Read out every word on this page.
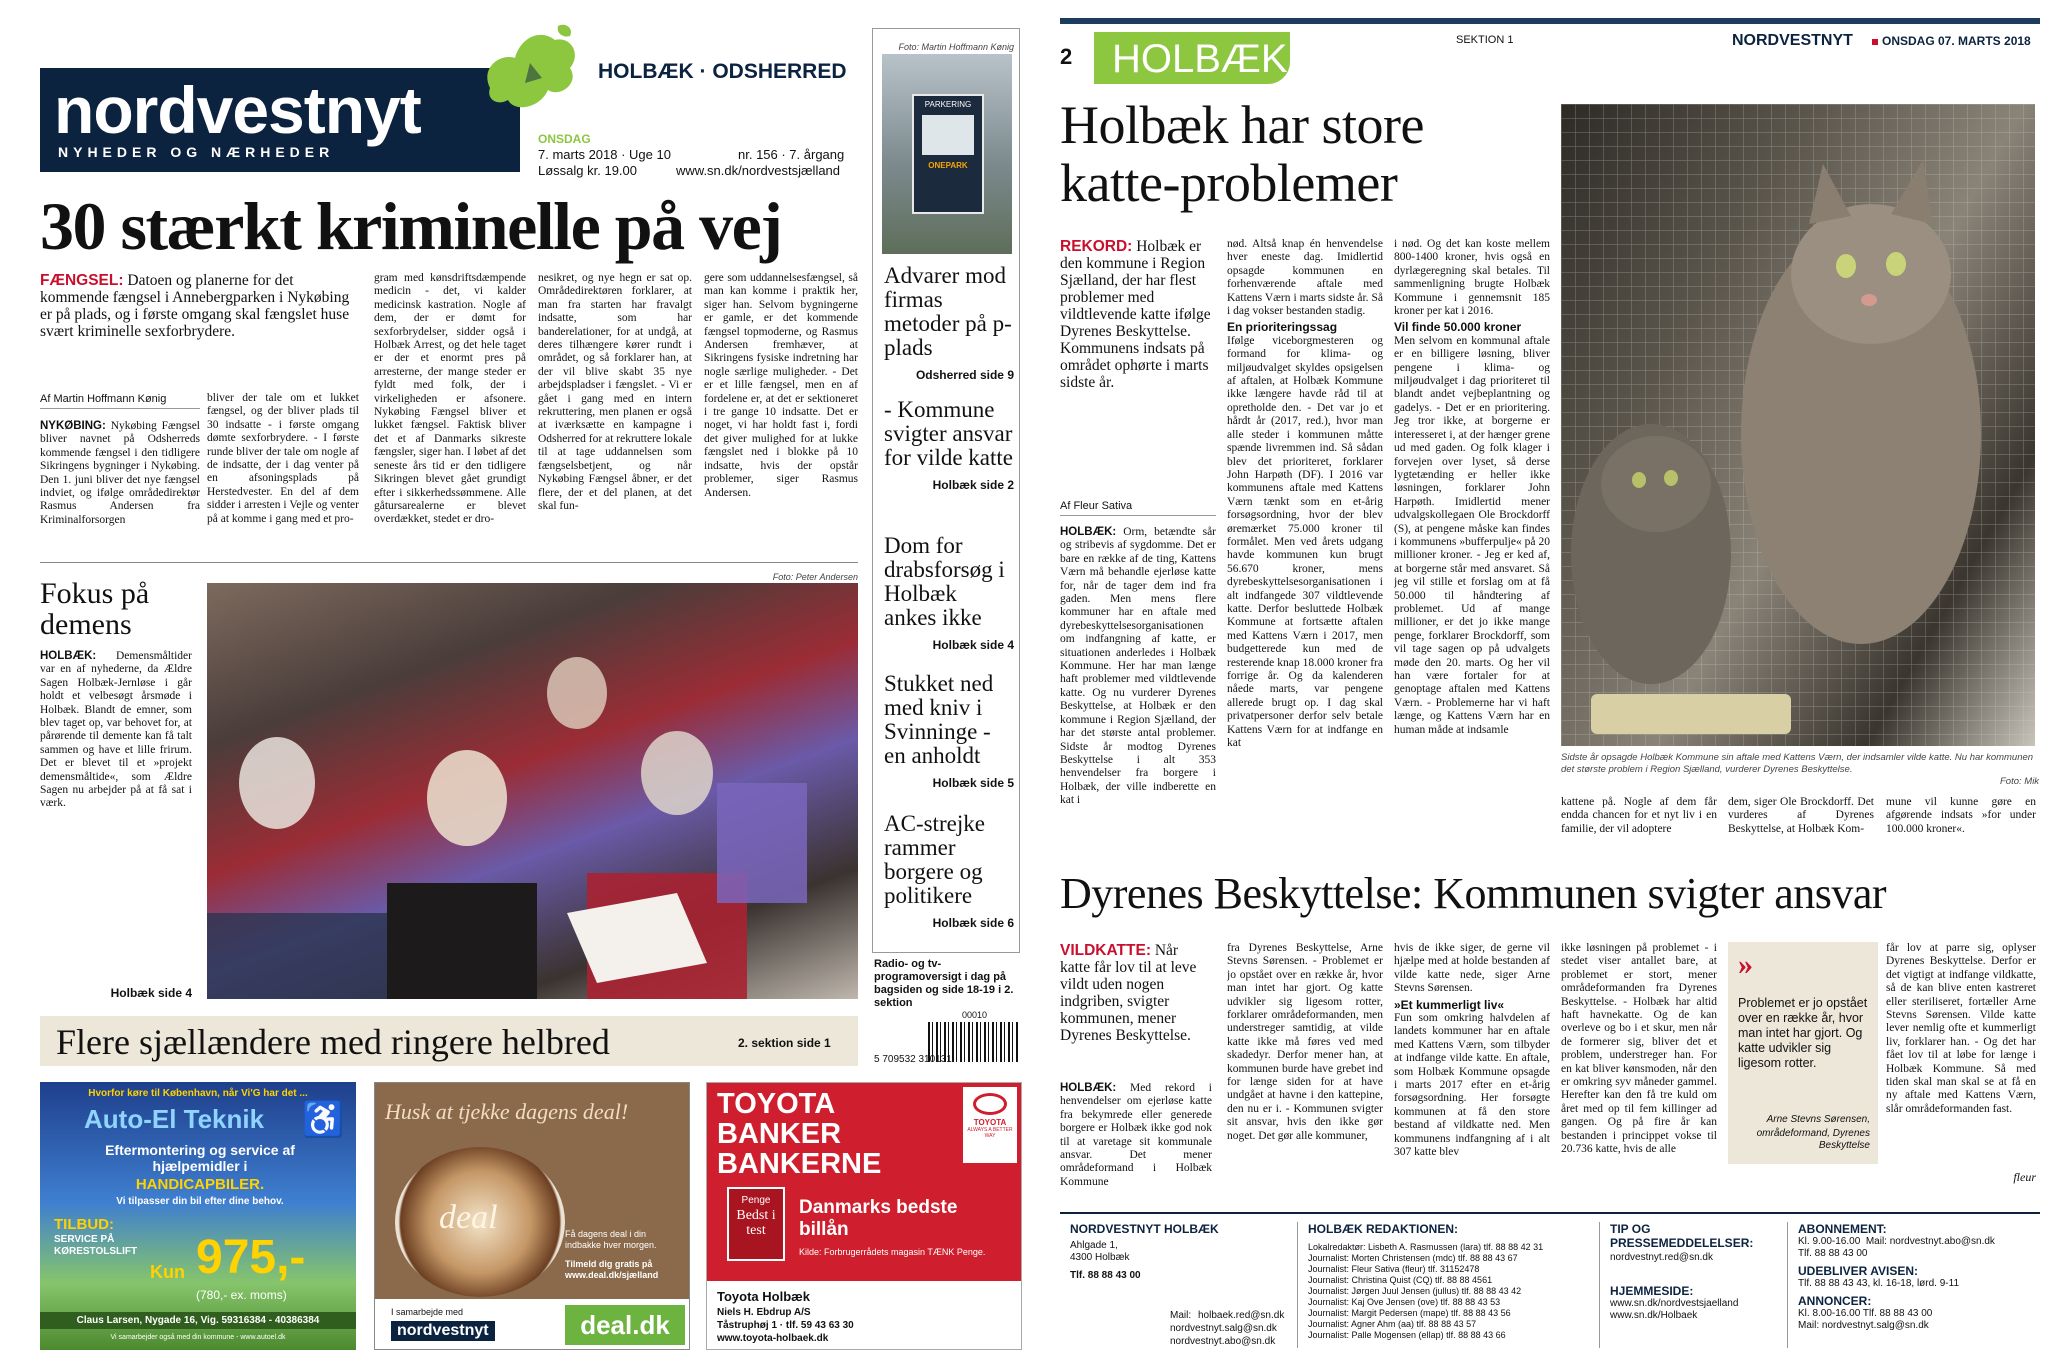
nordvestnyt
NYHEDER OG NÆRHEDER
HOLBÆK · ODSHERRED
ONSDAG
7. marts 2018 · Uge 10	nr. 156 · 7. årgang
Løssalg kr. 19.00	www.sn.dk/nordvestsjælland
30 stærkt kriminelle på vej
FÆNGSEL: Datoen og planerne for det kommende fængsel i Annebergparken i Nykøbing er på plads, og i første omgang skal fængslet huse svært kriminelle sexforbrydere.
Af Martin Hoffmann Kønig
NYKØBING: Nykøbing Fængsel bliver navnet på Odsherreds kommende fængsel i den tidligere Sikringens bygninger i Nykøbing. Den 1. juni bliver det nye fængsel indviet, og ifølge områdedirektør Rasmus Andersen fra Kriminalforsorgen
bliver der tale om et lukket fængsel, og der bliver plads til 30 indsatte - i første omgang dømte sexforbrydere. - I første runde bliver der tale om nogle af de indsatte, der i dag venter på en afsoningsplads på Herstedvester. En del af dem sidder i arresten i Vejle og venter på at komme i gang med et pro-
gram med kønsdriftsdæmpende medicin - det, vi kalder medicinsk kastration. Nogle af dem, der er dømt for sexforbrydelser, sidder også i Holbæk Arrest, og det hele taget er der et enormt pres på arresterne, der mange steder er fyldt med folk, der i virkeligheden er afsonere. Nykøbing Fængsel bliver et lukket fængsel. Faktisk bliver det et af Danmarks sikreste fængsler, siger han. I løbet af det seneste års tid er den tidligere Sikringen blevet gået grundigt efter i sikkerhedssømmene. Alle gåtursarealerne er blevet overdækket, stedet er dro-
nesikret, og nye hegn er sat op. Områdedirektøren forklarer, at man fra starten har fravalgt indsatte, som har banderelationer, for at undgå, at deres tilhængere kører rundt i området, og så forklarer han, at der vil blive skabt 35 nye arbejdspladser i fængslet. - Vi er gået i gang med en intern rekruttering, men planen er også at iværksætte en kampagne i Odsherred for at rekruttere lokale til at tage uddannelsen som fængselsbetjent, og når Nykøbing Fængsel åbner, er det flere, der et del planen, at det skal fun-
gere som uddannelsesfængsel, så man kan komme i praktik her, siger han. Selvom bygningerne er gamle, er det kommende fængsel topmoderne, og Rasmus Andersen fremhæver, at Sikringens fysiske indretning har nogle særlige muligheder. - Det er et lille fængsel, men en af fordelene er, at det er sektioneret i tre gange 10 indsatte. Det er noget, vi har holdt fast i, fordi det giver mulighed for at lukke fængslet ned i blokke på 10 indsatte, hvis der opstår problemer, siger Rasmus Andersen.
Fokus på demens
HOLBÆK: Demensmåltider var en af nyhederne, da Ældre Sagen Holbæk-Jernløse i går holdt et velbesøgt årsmøde i Holbæk. Blandt de emner, som blev taget op, var behovet for, at pårørende til demente kan få talt sammen og have et lille frirum. Det er blevet til et »projekt demensmåltide«, som Ældre Sagen nu arbejder på at få sat i værk.
Holbæk side 4
Foto: Peter Andersen
Foto: Martin Hoffmann Kønig
PARKERING
ONEPARK
Advarer mod firmas metoder på p-plads
Odsherred side 9
- Kommune svigter ansvar for vilde katte
Holbæk side 2
Dom for drabsforsøg i Holbæk ankes ikke
Holbæk side 4
Stukket ned med kniv i Svinninge - en anholdt
Holbæk side 5
AC-strejke rammer borgere og politikere
Holbæk side 6
Radio- og tv-programoversigt i dag på bagsiden og side 18-19 i 2. sektion
Flere sjællændere med ringere helbred	2. sektion side 1
00010
5 709532 310131
Hvorfor køre til København, når Vi'G har det ...
Auto-El Teknik ♿
Eftermontering og service af hjælpemidler i
HANDICAPBILER.
Vi tilpasser din bil efter dine behov.
TILBUD:
SERVICE PÅ KØRESTOLSLIFT
Kun 975,-
(780,- ex. moms)
Claus Larsen, Nygade 16, Vig. 59316384 - 40386384
Vi samarbejder også med din kommune - www.autoel.dk
Husk at tjekke dagens deal!
deal	Få dagens deal i din indbakke hver morgen.
Tilmeld dig gratis på www.deal.dk/sjælland
I samarbejde med
nordvestnyt	deal.dk
TOYOTA BANKER BANKERNE
TOYOTA
ALWAYS A BETTER WAY
Penge
Bedst i test
Danmarks bedste billån
Kilde: Forbrugerrådets magasin TÆNK Penge.
Toyota Holbæk
Niels H. Ebdrup A/S
Tåstruphøj 1 · tlf. 59 43 63 30
www.toyota-holbaek.dk
2 HOLBÆK	SEKTION 1	NORDVESTNYT ONSDAG 07. MARTS 2018
Holbæk har store katte-problemer
REKORD: Holbæk er den kommune i Region Sjælland, der har flest problemer med vildtlevende katte ifølge Dyrenes Beskyttelse. Kommunens indsats på området ophørte i marts sidste år.
Af Fleur Sativa
HOLBÆK: Orm, betændte sår og stribevis af sygdomme. Det er bare en række af de ting, Kattens Værn må behandle ejerløse katte for, når de tager dem ind fra gaden. Men mens flere kommuner har en aftale med dyrebeskyttelsesorganisationen om indfangning af katte, er situationen anderledes i Holbæk Kommune. Her har man længe haft problemer med vildtlevende katte. Og nu vurderer Dyrenes Beskyttelse, at Holbæk er den kommune i Region Sjælland, der har det største antal problemer. Sidste år modtog Dyrenes Beskyttelse i alt 353 henvendelser fra borgere i Holbæk, der ville indberette en kat i

nød. Altså knap én henvendelse hver eneste dag. Imidlertid opsagde kommunen en forhenværende aftale med Kattens Værn i marts sidste år. Så i dag vokser bestanden stadig.

En prioriteringssag

Ifølge viceborgmesteren og formand for klima- og miljøudvalget skyldes opsigelsen af aftalen, at Holbæk Kommune ikke længere havde råd til at opretholde den. - Det var jo et hårdt år (2017, red.), hvor man alle steder i kommunen måtte spænde livremmen ind. Så sådan blev det prioriteret, forklarer John Harpøth (DF). I 2016 var kommunens aftale med Kattens Værn tænkt som en et-årig forsøgsordning, hvor der blev øremærket 75.000 kroner til formålet. Men ved årets udgang havde kommunen kun brugt 56.670 kroner, mens dyrebeskyttelsesorganisationen i alt indfangede 307 vildtlevende katte. Derfor besluttede Holbæk Kommune at fortsætte aftalen med Kattens Værn i 2017, men budgetterede kun med de resterende knap 18.000 kroner fra forrige år. Og da kalenderen nåede marts, var pengene allerede brugt op. I dag skal privatpersoner derfor selv betale Kattens Værn for at indfange en kat

i nød. Og det kan koste mellem 800-1400 kroner, hvis også en dyrlægeregning skal betales. Til sammenligning brugte Holbæk Kommune i gennemsnit 185 kroner per kat i 2016.

Vil finde 50.000 kroner

Men selvom en kommunal aftale er en billigere løsning, bliver pengene i klima- og miljøudvalget i dag prioriteret til blandt andet vejbeplantning og gadelys. - Det er en prioritering. Jeg tror ikke, at borgerne er interesseret i, at der hænger grene ud med gaden. Og folk klager i forvejen over lyset, så derse lygtetænding er heller ikke løsningen, forklarer John Harpøth. Imidlertid mener udvalgskollegaen Ole Brockdorff (S), at pengene måske kan findes i kommunens »bufferpulje« på 20 millioner kroner. - Jeg er ked af, at borgerne står med ansvaret. Så jeg vil stille et forslag om at få 50.000 til håndtering af problemet. Ud af mange millioner, er det jo ikke mange penge, forklarer Brockdorff, som vil tage sagen op på udvalgets møde den 20. marts. Og her vil han være fortaler for at genoptage aftalen med Kattens Værn. - Problemerne har vi haft længe, og Kattens Værn har en human måde at indsamle

Sidste år opsagde Holbæk Kommune sin aftale med Kattens Værn, der indsamler vilde katte. Nu har kommunen det største problem i Region Sjælland, vurderer Dyrenes Beskyttelse.
Foto: Mik
kattene på. Nogle af dem får endda chancen for et nyt liv i en familie, der vil adoptere
dem, siger Ole Brockdorff. Det vurderes af Dyrenes Beskyttelse, at Holbæk Kom-
mune vil kunne gøre en afgørende indsats »for under 100.000 kroner«.
Dyrenes Beskyttelse: Kommunen svigter ansvar
VILDKATTE: Når katte får lov til at leve vildt uden nogen indgriben, svigter kommunen, mener Dyrenes Beskyttelse.
HOLBÆK: Med rekord i henvendelser om ejerløse katte fra bekymrede eller generede borgere er Holbæk ikke god nok til at varetage sit kommunale ansvar. Det mener områdeformand i Holbæk Kommune
fra Dyrenes Beskyttelse, Arne Stevns Sørensen. - Problemet er jo opstået over en række år, hvor man intet har gjort. Og katte udvikler sig ligesom rotter, forklarer områdeformanden, men understreger samtidig, at vilde katte ikke må føres ved med skadedyr. Derfor mener han, at kommunen burde have grebet ind for længe siden for at have undgået at havne i den kattepine, den nu er i. - Kommunen svigter sit ansvar, hvis den ikke gør noget. Det gør alle kommuner,

hvis de ikke siger, de gerne vil hjælpe med at holde bestanden af vilde katte nede, siger Arne Stevns Sørensen.

»Et kummerligt liv«

Fun som omkring halvdelen af landets kommuner har en aftale med Kattens Værn, som tilbyder at indfange vilde katte. En aftale, som Holbæk Kommune opsagde i marts 2017 efter en et-årig forsøgsordning. Her forsøgte kommunen at få den store bestand af vildkatte ned. Men kommunens indfangning af i alt 307 katte blev

ikke løsningen på problemet - i stedet viser antallet bare, at problemet er stort, mener områdeformanden fra Dyrenes Beskyttelse. - Holbæk har altid haft havnekatte. Og de kan overleve og bo i et skur, men når de formerer sig, bliver det et problem, understreger han. For en kat bliver kønsmoden, når den er omkring syv måneder gammel. Herefter kan den få tre kuld om året med op til fem killinger ad gangen. Og på fire år kan bestanden i princippet vokse til 20.736 katte, hvis de alle
»
Problemet er jo opstået over en række år, hvor man intet har gjort. Og katte udvikler sig ligesom rotter.
Arne Stevns Sørensen,
områdeformand, Dyrenes Beskyttelse
får lov at parre sig, oplyser Dyrenes Beskyttelse. Derfor er det vigtigt at indfange vildkatte, så de kan blive enten kastreret eller steriliseret, fortæller Arne Stevns Sørensen. Vilde katte lever nemlig ofte et kummerligt liv, forklarer han. - Og det har fået lov til at løbe for længe i Holbæk Kommune. Så med tiden skal man skal se at få en ny aftale med Kattens Værn, slår områdeformanden fast.
fleur
NORDVESTNYT HOLBÆK
Ahlgade 1,
4300 Holbæk
Tlf. 88 88 43 00
Mail: holbaek.red@sn.dk
nordvestnyt.salg@sn.dk
nordvestnyt.abo@sn.dk
HOLBÆK REDAKTIONEN:
Lokalredaktør: Lisbeth A. Rasmussen (lara) tlf. 88 88 42 31
Journalist: Morten Christensen (mdc) tlf. 88 88 43 67
Journalist: Fleur Sativa (fleur) tlf. 31152478
Journalist: Christina Quist (CQ) tlf. 88 88 4561
Journalist: Jørgen Juul Jensen (jullus) tlf. 88 88 43 42
Journalist: Kaj Ove Jensen (ove) tlf. 88 88 43 53
Journalist: Margit Pedersen (mape) tlf. 88 88 43 56
Journalist: Agner Ahm (aa) tlf. 88 88 43 57
Journalist: Palle Mogensen (ellap) tlf. 88 88 43 66
TIP OG PRESSEMEDDELELSER:
nordvestnyt.red@sn.dk
HJEMMESIDE:
www.sn.dk/nordvestsjaelland
www.sn.dk/Holbaek
ABONNEMENT:
Kl. 9.00-16.00 Mail: nordvestnyt.abo@sn.dk
Tlf. 88 88 43 00
UDEBLIVER AVISEN:
Tlf. 88 88 43 43, kl. 16-18, lørd. 9-11
ANNONCER:
Kl. 8.00-16.00 Tlf. 88 88 43 00
Mail: nordvestnyt.salg@sn.dk
